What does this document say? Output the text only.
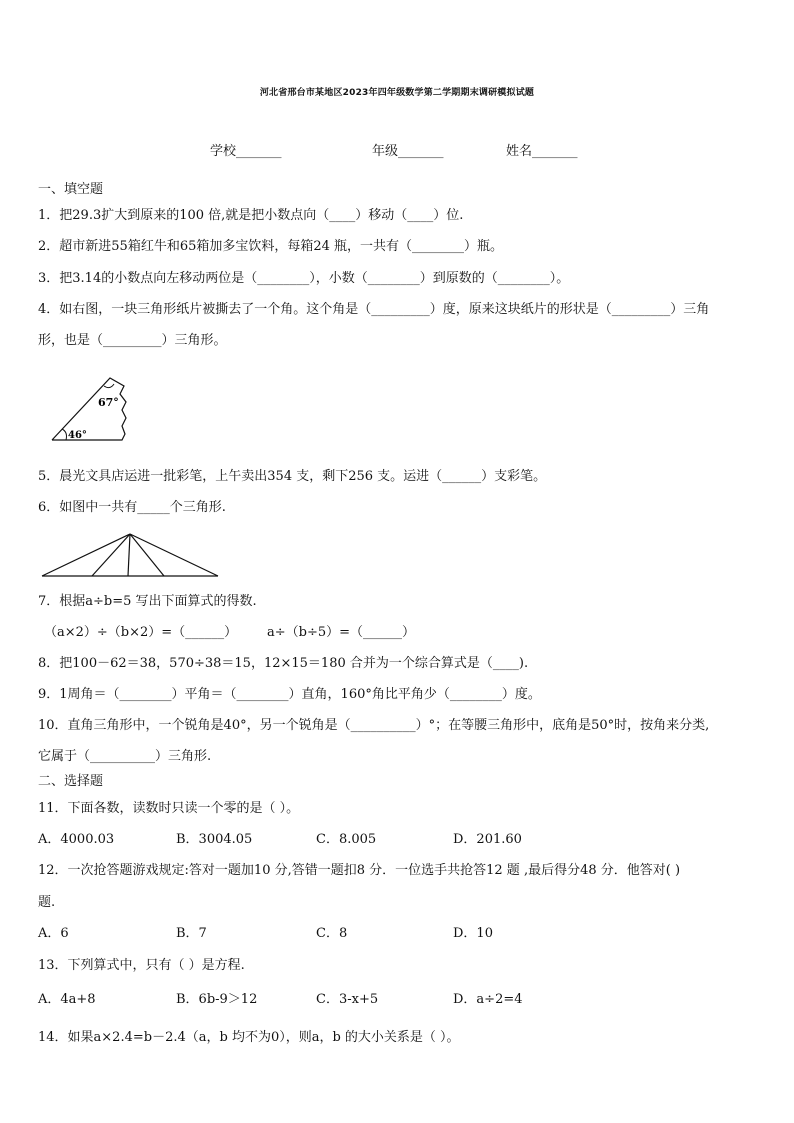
河北省邢台市某地区2023年四年级数学第二学期期末调研模拟试题
学校_______	年级_______	姓名_______
一、填空题
1．把29.3扩大到原来的100 倍,就是把小数点向（____）移动（____）位.
2．超市新进55箱红牛和65箱加多宝饮料，每箱24 瓶，一共有（________）瓶。
3．把3.14的小数点向左移动两位是（________），小数（________）到原数的（________）。
4．如右图，一块三角形纸片被撕去了一个角。这个角是（_________）度，原来这块纸片的形状是（_________）三角
形，也是（_________）三角形。
67°
46°
5．晨光文具店运进一批彩笔，上午卖出354 支，剩下256 支。运进（______）支彩笔。
6．如图中一共有_____个三角形.
7．根据a÷b=5 写出下面算式的得数.
（a×2）÷（b×2）=（______） a÷（b÷5）=（______）
8．把100－62＝38，570÷38＝15，12×15＝180 合并为一个综合算式是（____).
9．1周角＝（________）平角＝（________）直角，160°角比平角少（________）度。
10．直角三角形中，一个锐角是40°，另一个锐角是（__________）°；在等腰三角形中，底角是50°时，按角来分类,
它属于（__________）三角形.
二、选择题
11．下面各数，读数时只读一个零的是（ ）。
A．4000.03	B．3004.05	C．8.005	D．201.60
12．一次抢答题游戏规定:答对一题加10 分,答错一题扣8 分．一位选手共抢答12 题 ,最后得分48 分．他答对( )
题.
A．6	B．7	C．8	D．10
13．下列算式中，只有（ ）是方程.
A．4a+8	B．6b-9＞12	C．3-x+5	D．a÷2=4
14．如果a×2.4=b－2.4（a，b 均不为0），则a，b 的大小关系是（ ）。
